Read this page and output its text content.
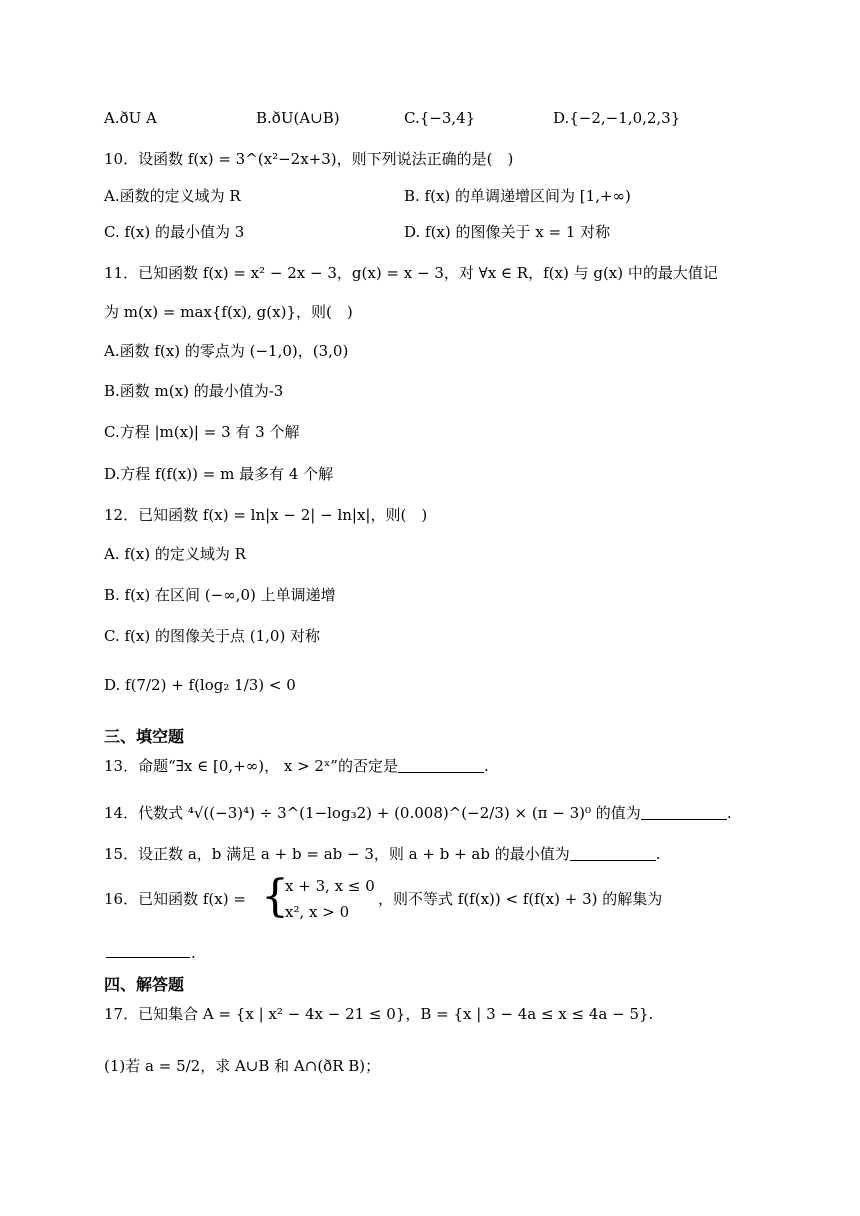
A.ðU A	B.ðU(A∪B)	C.{−3,4}	D.{−2,−1,0,2,3}
10．设函数 f(x) = 3^(x²−2x+3)，则下列说法正确的是(　)
A.函数的定义域为 R	B. f(x) 的单调递增区间为 [1,+∞)
C. f(x) 的最小值为 3	D. f(x) 的图像关于 x = 1 对称
11．已知函数 f(x) = x² − 2x − 3，g(x) = x − 3，对 ∀x ∈ R，f(x) 与 g(x) 中的最大值记
为 m(x) = max{f(x), g(x)}，则(　)
A.函数 f(x) 的零点为 (−1,0)，(3,0)
B.函数 m(x) 的最小值为-3
C.方程 |m(x)| = 3 有 3 个解
D.方程 f(f(x)) = m 最多有 4 个解
12．已知函数 f(x) = ln|x − 2| − ln|x|，则(　)
A. f(x) 的定义域为 R
B. f(x) 在区间 (−∞,0) 上单调递增
C. f(x) 的图像关于点 (1,0) 对称
D. f(7/2) + f(log₂ 1/3) < 0
三、填空题
13．命题“∃x ∈ [0,+∞)， x > 2ˣ”的否定是	.
14．代数式 ⁴√((−3)⁴) ÷ 3^(1−log₃2) + (0.008)^(−2/3) × (π − 3)⁰ 的值为	.
15．设正数 a，b 满足 a + b = ab − 3，则 a + b + ab 的最小值为	.
16．已知函数 f(x) = {
x + 3, x ≤ 0
x², x > 0
，则不等式 f(f(x)) < f(f(x) + 3) 的解集为
.
四、解答题
17．已知集合 A = {x | x² − 4x − 21 ≤ 0}，B = {x | 3 − 4a ≤ x ≤ 4a − 5}.
(1)若 a = 5/2，求 A∪B 和 A∩(ðR B)；
